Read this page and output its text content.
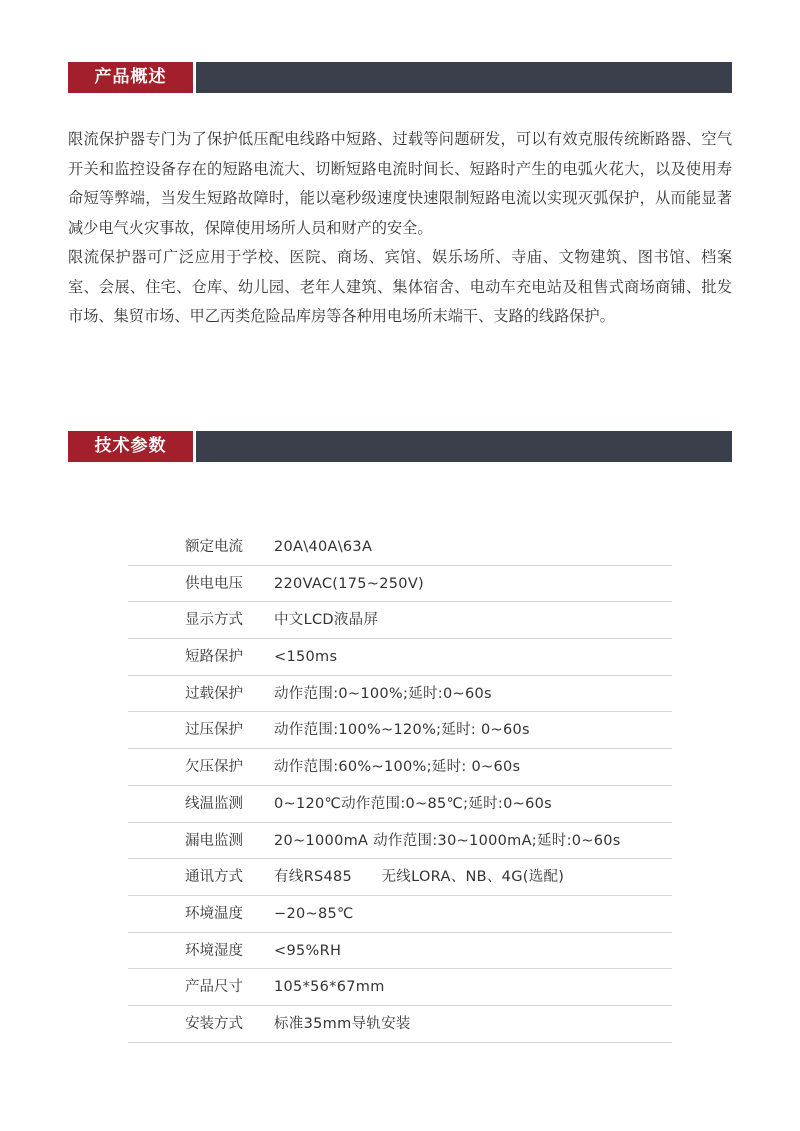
产品概述

限流保护器专门为了保护低压配电线路中短路、过载等问题研发，可以有效克服传统断路器、空气开关和监控设备存在的短路电流大、切断短路电流时间长、短路时产生的电弧火花大，以及使用寿命短等弊端，当发生短路故障时，能以毫秒级速度快速限制短路电流以实现灭弧保护，从而能显著减少电气火灾事故，保障使用场所人员和财产的安全。

限流保护器可广泛应用于学校、医院、商场、宾馆、娱乐场所、寺庙、文物建筑、图书馆、档案室、会展、住宅、仓库、幼儿园、老年人建筑、集体宿舍、电动车充电站及租售式商场商铺、批发市场、集贸市场、甲乙丙类危险品库房等各种用电场所末端干、支路的线路保护。

技术参数
额定电流 20A\40A\63A
供电电压 220VAC(175~250V)
显示方式 中文LCD液晶屏
短路保护 <150ms
过载保护 动作范围:0~100%;延时:0~60s
过压保护 动作范围:100%~120%;延时: 0~60s
欠压保护 动作范围:60%~100%;延时: 0~60s
线温监测 0~120℃动作范围:0~85℃;延时:0~60s
漏电监测 20~1000mA 动作范围:30~1000mA;延时:0~60s
通讯方式 有线RS485      无线LORA、NB、4G(选配)
环境温度 −20~85℃
环境湿度 <95%RH
产品尺寸 105*56*67mm
安装方式 标准35mm导轨安装
